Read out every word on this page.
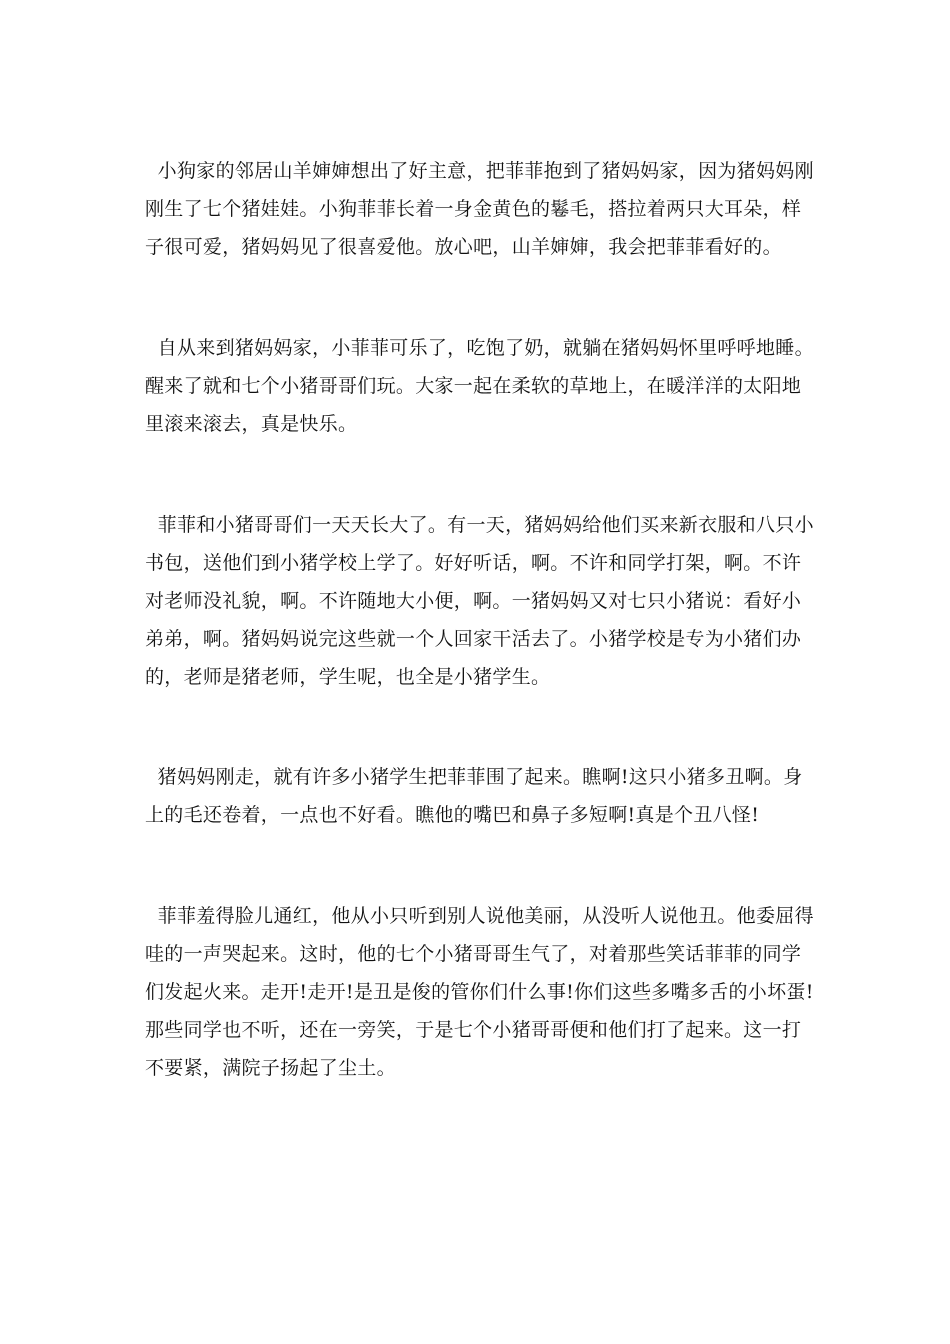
小狗家的邻居山羊婶婶想出了好主意，把菲菲抱到了猪妈妈家，因为猪妈妈刚
刚生了七个猪娃娃。小狗菲菲长着一身金黄色的鬈毛，搭拉着两只大耳朵，样
子很可爱，猪妈妈见了很喜爱他。放心吧，山羊婶婶，我会把菲菲看好的。

自从来到猪妈妈家，小菲菲可乐了，吃饱了奶，就躺在猪妈妈怀里呼呼地睡。
醒来了就和七个小猪哥哥们玩。大家一起在柔软的草地上，在暖洋洋的太阳地
里滚来滚去，真是快乐。

菲菲和小猪哥哥们一天天长大了。有一天，猪妈妈给他们买来新衣服和八只小
书包，送他们到小猪学校上学了。好好听话，啊。不许和同学打架，啊。不许
对老师没礼貌，啊。不许随地大小便，啊。一猪妈妈又对七只小猪说：看好小
弟弟，啊。猪妈妈说完这些就一个人回家干活去了。小猪学校是专为小猪们办
的，老师是猪老师，学生呢，也全是小猪学生。

猪妈妈刚走，就有许多小猪学生把菲菲围了起来。瞧啊!这只小猪多丑啊。身
上的毛还卷着，一点也不好看。瞧他的嘴巴和鼻子多短啊!真是个丑八怪!

菲菲羞得脸儿通红，他从小只听到别人说他美丽，从没听人说他丑。他委屈得
哇的一声哭起来。这时，他的七个小猪哥哥生气了，对着那些笑话菲菲的同学
们发起火来。走开!走开!是丑是俊的管你们什么事!你们这些多嘴多舌的小坏蛋!
那些同学也不听，还在一旁笑，于是七个小猪哥哥便和他们打了起来。这一打
不要紧，满院子扬起了尘土。
